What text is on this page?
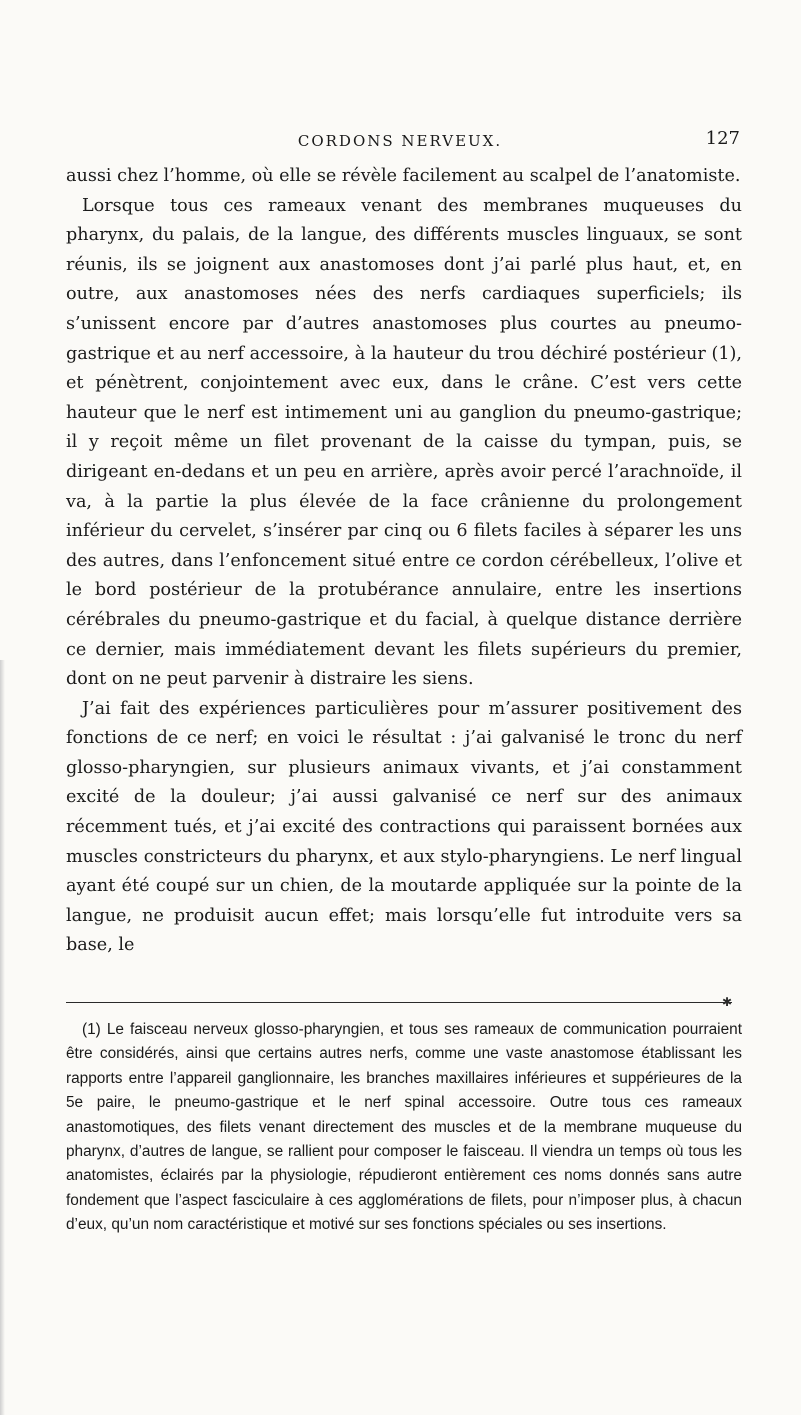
CORDONS NERVEUX.	127

aussi chez l’homme, où elle se révèle facilement au scalpel de l’anatomiste.

Lorsque tous ces rameaux venant des membranes muqueuses du pharynx, du palais, de la langue, des différents muscles linguaux, se sont réunis, ils se joignent aux anastomoses dont j’ai parlé plus haut, et, en outre, aux anastomoses nées des nerfs cardiaques superficiels; ils s’unissent encore par d’autres anastomoses plus courtes au pneumo-gastrique et au nerf accessoire, à la hauteur du trou déchiré postérieur (1), et pénètrent, conjointement avec eux, dans le crâne. C’est vers cette hauteur que le nerf est intimement uni au ganglion du pneumo-gastrique; il y reçoit même un filet provenant de la caisse du tympan, puis, se dirigeant en-dedans et un peu en arrière, après avoir percé l’arachnoïde, il va, à la partie la plus élevée de la face crânienne du prolongement inférieur du cervelet, s’insérer par cinq ou 6 filets faciles à séparer les uns des autres, dans l’enfoncement situé entre ce cordon cérébelleux, l’olive et le bord postérieur de la protubérance annulaire, entre les insertions cérébrales du pneumo-gastrique et du facial, à quelque distance derrière ce dernier, mais immédiatement devant les filets supérieurs du premier, dont on ne peut parvenir à distraire les siens.

J’ai fait des expériences particulières pour m’assurer positivement des fonctions de ce nerf; en voici le résultat : j’ai galvanisé le tronc du nerf glosso-pharyngien, sur plusieurs animaux vivants, et j’ai constamment excité de la douleur; j’ai aussi galvanisé ce nerf sur des animaux récemment tués, et j’ai excité des contractions qui paraissent bornées aux muscles constricteurs du pharynx, et aux stylo-pharyngiens. Le nerf lingual ayant été coupé sur un chien, de la moutarde appliquée sur la pointe de la langue, ne produisit aucun effet; mais lorsqu’elle fut introduite vers sa base, le

✱

(1) Le faisceau nerveux glosso-pharyngien, et tous ses rameaux de communication pourraient être considérés, ainsi que certains autres nerfs, comme une vaste anastomose établissant les rapports entre l’appareil ganglionnaire, les branches maxillaires inférieures et suppérieures de la 5e paire, le pneumo-gastrique et le nerf spinal accessoire. Outre tous ces rameaux anastomotiques, des filets venant directement des muscles et de la membrane muqueuse du pharynx, d’autres de langue, se rallient pour composer le faisceau. Il viendra un temps où tous les anatomistes, éclairés par la physiologie, répudieront entièrement ces noms donnés sans autre fondement que l’aspect fasciculaire à ces agglomérations de filets, pour n’imposer plus, à chacun d’eux, qu’un nom caractéristique et motivé sur ses fonctions spéciales ou ses insertions.
